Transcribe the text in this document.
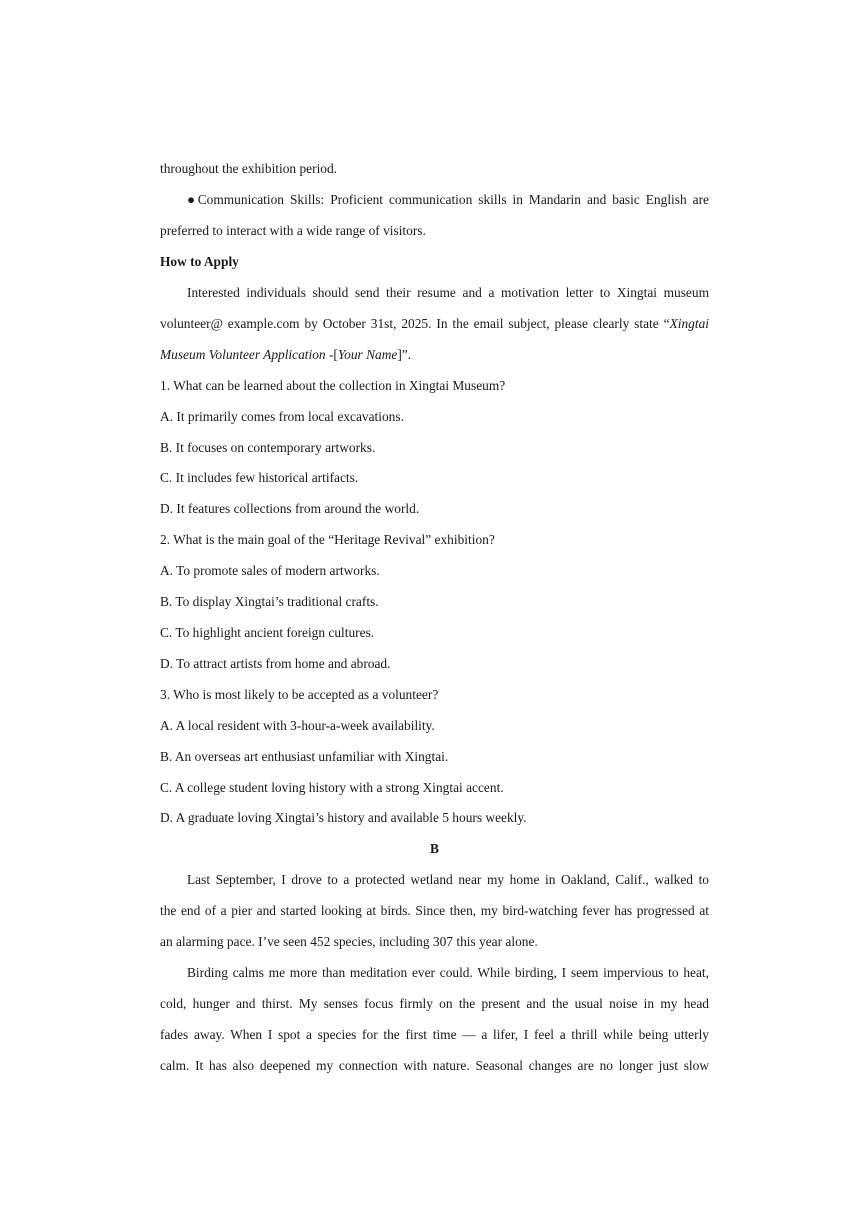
throughout the exhibition period.
●Communication Skills: Proficient communication skills in Mandarin and basic English are
preferred to interact with a wide range of visitors.
How to Apply
Interested individuals should send their resume and a motivation letter to Xingtai museum
volunteer@ example.com by October 31st, 2025. In the email subject, please clearly state “Xingtai
Museum Volunteer Application -[Your Name]”.
1. What can be learned about the collection in Xingtai Museum?
A. It primarily comes from local excavations.
B. It focuses on contemporary artworks.
C. It includes few historical artifacts.
D. It features collections from around the world.
2. What is the main goal of the “Heritage Revival” exhibition?
A. To promote sales of modern artworks.
B. To display Xingtai’s traditional crafts.
C. To highlight ancient foreign cultures.
D. To attract artists from home and abroad.
3. Who is most likely to be accepted as a volunteer?
A. A local resident with 3-hour-a-week availability.
B. An overseas art enthusiast unfamiliar with Xingtai.
C. A college student loving history with a strong Xingtai accent.
D. A graduate loving Xingtai’s history and available 5 hours weekly.
B
Last September, I drove to a protected wetland near my home in Oakland, Calif., walked to
the end of a pier and started looking at birds. Since then, my bird-watching fever has progressed at
an alarming pace. I’ve seen 452 species, including 307 this year alone.
Birding calms me more than meditation ever could. While birding, I seem impervious to heat,
cold, hunger and thirst. My senses focus firmly on the present and the usual noise in my head
fades away. When I spot a species for the first time — a lifer, I feel a thrill while being utterly
calm. It has also deepened my connection with nature. Seasonal changes are no longer just slow
